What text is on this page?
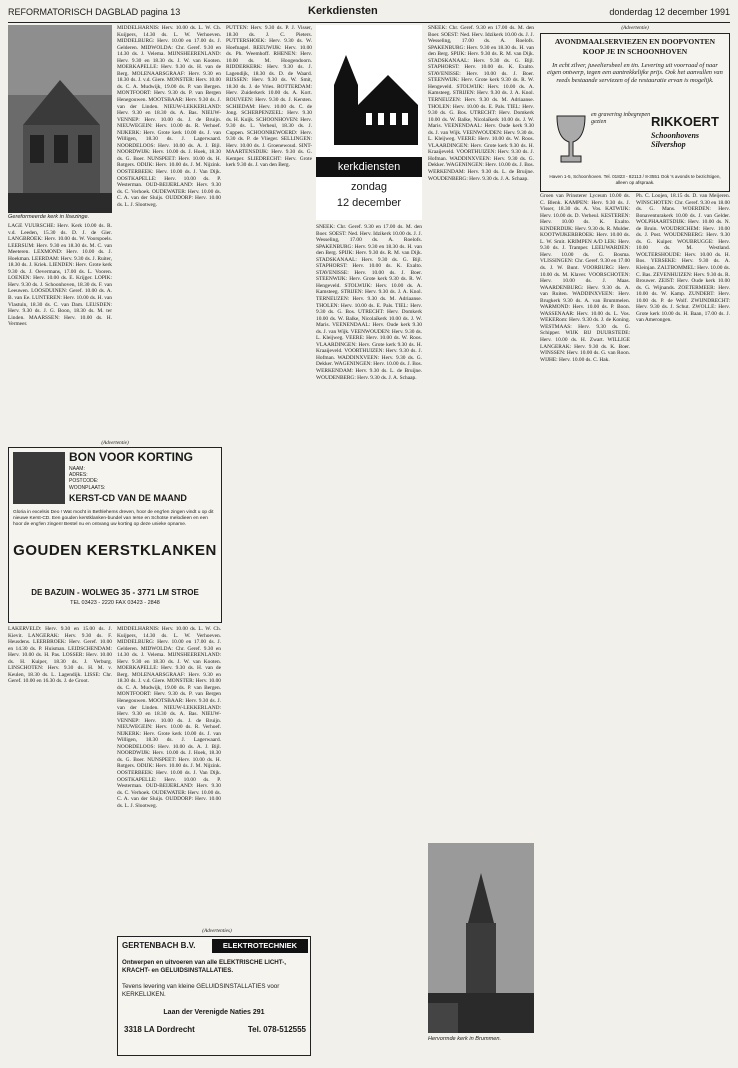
REFORMATORISCH DAGBLAD pagina 13	Kerkdiensten	donderdag 12 december 1991
Gereformeerde kerk in Ilsezinge.
LAGE VUURSCHE: Herv. Kerk 10.00 ds. R. v.d. Leeden, 15.30 ds. D. J. de Gier. LANGBROEK: Herv. 10.00 ds. W. Voorspoels. LEERSUM: Herv. 9.30 en 18.30 ds. M. C. van Meeteren. LEXMOND: Herv. 10.00 ds. J. Hoekman. LEERDAM: Herv. 9.30 ds. J. Ruiter, 18.30 ds. J. Kriek. LIENDEN: Herv. Grote kerk 9.30 ds. J. Oevermans, 17.00 ds. L. Vooren. LOENEN: Herv. 10.00 ds. E. Krijger. LOPIK: Herv. 9.30 ds. J. Schoonhoven, 18.30 ds. F. van Leeuwen. LOOSDUINEN: Geref. 10.00 ds. A. B. van Ee. LUNTEREN: Herv. 10.00 ds. H. van Vlastuin, 18.30 ds. C. van Dam. LEUSDEN: Herv. 9.30 ds. J. G. Boon, 18.30 ds. M. ter Linden. MAARSSEN: Herv. 10.00 ds. H. Vermeer.
MIDDELHARNIS: Herv. 10.00 ds. L. W. Ch. Kuijpers, 14.30 ds. L. W. Verhoeven. MIDDELBURG: Herv. 10.00 en 17.00 ds. J. Gelderen. MIDWOLDA: Chr. Geref. 9.30 en 14.30 ds. J. Velema. MIJNSHEERENLAND: Herv. 9.30 en 18.30 ds. J. W. van Kooten. MOERKAPELLE: Herv. 9.30 ds. H. van de Berg. MOLENAARSGRAAF: Herv. 9.30 en 18.30 ds. J. v.d. Giere. MONSTER: Herv. 10.00 ds. C. A. Mudwijk, 19.00 ds. P. van Bergen. MONTFOORT: Herv. 9.30 ds. P. van Bergen Henegouwen. MOOTSBAAR: Herv. 9.30 ds. J. van der Linden. NIEUW-LEKKERLAND: Herv. 9.30 en 18.30 ds. A. Bas. NIEUW-VENNEP: Herv. 10.00 ds. J. de Bruijn. NIEUWEGEIN: Herv. 10.00 ds. R. Verhoef. NIJKERK: Herv. Grote kerk 10.00 ds. J. van Willigen, 18.30 ds. J. Lagerwaard. NOORDELOOS: Herv. 10.00 ds. A. J. Bijl. NOORDWIJK: Herv. 10.00 ds. J. Hoek, 18.30 ds. G. Boer. NUNSPEET: Herv. 10.00 ds. H. Rotgers. ODIJK: Herv. 10.00 ds. J. M. Nijzink. OOSTERBEEK: Herv. 10.00 ds. J. Van Dijk. OOSTKAPELLE: Herv. 10.00 ds. P. Westerman. OUD-BEIJERLAND: Herv. 9.30 ds. C. Verhoek. OUDEWATER: Herv. 10.00 ds. C. A. van der Sluijs. OUDDORP: Herv. 10.00 ds. L. J. Slootweg.
(Advertentie)
BON VOOR KORTING
NAAM:
ADRES:
POSTCODE:
WOONPLAATS:
KERST-CD VAN DE MAAND
Gloria in excelsis Deo ! Wat mocht in Bethlehems dreven, hoor de eng'len zingen vindt u op dit nieuwe Kerst-CD. Een gouden kerstklanken-bundel van Ierse en Schotse melodieen en een hoor de eng'len zingen! Bestel nu en ontvang uw korting op deze unieke opname.
GOUDEN KERSTKLANKEN
DE BAZUIN - WOLWEG 35 - 3771 LM STROE
TEL 03423 - 2220 FAX 03423 - 2848
LAKERVELD: Herv. 9.30 en 15.00 ds. J. Kievit. LANGERAK: Herv. 9.30 ds. F. Heusdens. LEERBROEK: Herv. Geref. 10.00 en 14.30 ds. P. Huisman. LEIDSCHENDAM: Herv. 10.00 ds. H. Pas. LOSSER: Herv. 10.00 ds. H. Kuiper, 18.30 ds. J. Verburg. LINSCHOTEN: Herv. 9.30 ds. H. M. v. Keulen, 18.30 ds. L. Lagendijk. LISSE: Chr. Geref. 10.00 en 16.30 ds. J. de Groot.
MIDDELHARNIS: Herv. 10.00 ds. L. W. Ch. Kuijpers, 14.30 ds. L. W. Verhoeven. MIDDELBURG: Herv. 10.00 en 17.00 ds. J. Gelderen. MIDWOLDA: Chr. Geref. 9.30 en 14.30 ds. J. Velema. MIJNSHEERENLAND: Herv. 9.30 en 18.30 ds. J. W. van Kooten. MOERKAPELLE: Herv. 9.30 ds. H. van de Berg. MOLENAARSGRAAF: Herv. 9.30 en 18.30 ds. J. v.d. Giere. MONSTER: Herv. 10.00 ds. C. A. Mudwijk, 19.00 ds. P. van Bergen. MONTFOORT: Herv. 9.30 ds. P. van Bergen Henegouwen. MOOTSBAAR: Herv. 9.30 ds. J. van der Linden. NIEUW-LEKKERLAND: Herv. 9.30 en 18.30 ds. A. Bas. NIEUW-VENNEP: Herv. 10.00 ds. J. de Bruijn. NIEUWEGEIN: Herv. 10.00 ds. R. Verhoef. NIJKERK: Herv. Grote kerk 10.00 ds. J. van Willigen, 18.30 ds. J. Lagerwaard. NOORDELOOS: Herv. 10.00 ds. A. J. Bijl. NOORDWIJK: Herv. 10.00 ds. J. Hoek, 18.30 ds. G. Boer. NUNSPEET: Herv. 10.00 ds. H. Rotgers. ODIJK: Herv. 10.00 ds. J. M. Nijzink. OOSTERBEEK: Herv. 10.00 ds. J. Van Dijk. OOSTKAPELLE: Herv. 10.00 ds. P. Westerman. OUD-BEIJERLAND: Herv. 9.30 ds. C. Verhoek. OUDEWATER: Herv. 10.00 ds. C. A. van der Sluijs. OUDDORP: Herv. 10.00 ds. L. J. Slootweg.
PUTTEN: Herv. 9.30 ds. P. J. Visser, 18.30 ds. J. C. Pieters. PUTTERSHOEK: Herv. 9.30 ds. W. Hoefnagel. REEUWIJK: Herv. 10.00 ds. Ph. Weemhoff. RHENEN: Herv. 10.00 ds. M. Hoogendoorn. RIDDERKERK: Herv. 9.30 ds. J. Lagendijk, 18.30 ds. D. de Waard. RIJSSEN: Herv. 9.30 ds. W. Smit, 18.30 ds. J. de Vries. ROTTERDAM: Herv. Zuiderkerk 10.00 ds. A. Kort. ROUVEEN: Herv. 9.30 ds. J. Kersten. SCHIEDAM: Herv. 10.00 ds. C. de Jong. SCHERPENZEEL: Herv. 9.30 ds. H. Kuijk. SCHOONHOVEN: Herv. 9.30 ds. L. Verheul, 18.30 ds. J. Cuppen. SCHOONREWOERD: Herv. 9.30 ds. P. de Vlieger. SELLINGEN: Herv. 10.00 ds. J. Groenewoud. SINT-MAARTENSDIJK: Herv. 9.30 ds. G. Kemper. SLIEDRECHT: Herv. Grote kerk 9.30 ds. J. van den Berg.	kerkdiensten
zondag
12 december
SNEEK: Chr. Geref. 9.30 en 17.00 ds. M. den Boer. SOEST: Ned. Herv. Idzikerk 10.00 ds. J. J. Wesseling, 17.00 ds. A. Roelofs. SPAKENBURG: Herv. 9.30 en 18.30 ds. H. van den Berg. SPIJK: Herv. 9.30 ds. R. M. van Dijk. STADSKANAAL: Herv. 9.30 ds. G. Bijl. STAPHORST: Herv. 10.00 ds. K. Exalto. STAVENISSE: Herv. 10.00 ds. J. Boer. STEENWIJK: Herv. Grote kerk 9.30 ds. R. W. Hengeveld. STOLWIJK: Herv. 10.00 ds. A. Kamsteeg. STRIJEN: Herv. 9.30 ds. J. A. Knol. TERNEUZEN: Herv. 9.30 ds. M. Adriaanse. THOLEN: Herv. 10.00 ds. E. Pals. TIEL: Herv. 9.30 ds. G. Bos. UTRECHT: Herv. Domkerk 10.00 ds. W. Balke, Nicolaïkerk 10.00 ds. J. W. Maris. VEENENDAAL: Herv. Oude kerk 9.30 ds. J. van Wijk. VEENWOUDEN: Herv. 9.30 ds. L. Kleijweg. VEERE: Herv. 10.00 ds. W. Roos. VLAARDINGEN: Herv. Grote kerk 9.30 ds. H. Kraaijeveld. VOORTHUIZEN: Herv. 9.30 ds. J. Hofman. WADDINXVEEN: Herv. 9.30 ds. G. Dekker. WAGENINGEN: Herv. 10.00 ds. J. Bos. WERKENDAM: Herv. 9.30 ds. L. de Bruijne. WOUDENBERG: Herv. 9.30 ds. J. A. Schaap.
SNEEK: Chr. Geref. 9.30 en 17.00 ds. M. den Boer. SOEST: Ned. Herv. Idzikerk 10.00 ds. J. J. Wesseling, 17.00 ds. A. Roelofs. SPAKENBURG: Herv. 9.30 en 18.30 ds. H. van den Berg. SPIJK: Herv. 9.30 ds. R. M. van Dijk. STADSKANAAL: Herv. 9.30 ds. G. Bijl. STAPHORST: Herv. 10.00 ds. K. Exalto. STAVENISSE: Herv. 10.00 ds. J. Boer. STEENWIJK: Herv. Grote kerk 9.30 ds. R. W. Hengeveld. STOLWIJK: Herv. 10.00 ds. A. Kamsteeg. STRIJEN: Herv. 9.30 ds. J. A. Knol. TERNEUZEN: Herv. 9.30 ds. M. Adriaanse. THOLEN: Herv. 10.00 ds. E. Pals. TIEL: Herv. 9.30 ds. G. Bos. UTRECHT: Herv. Domkerk 10.00 ds. W. Balke, Nicolaïkerk 10.00 ds. J. W. Maris. VEENENDAAL: Herv. Oude kerk 9.30 ds. J. van Wijk. VEENWOUDEN: Herv. 9.30 ds. L. Kleijweg. VEERE: Herv. 10.00 ds. W. Roos. VLAARDINGEN: Herv. Grote kerk 9.30 ds. H. Kraaijeveld. VOORTHUIZEN: Herv. 9.30 ds. J. Hofman. WADDINXVEEN: Herv. 9.30 ds. G. Dekker. WAGENINGEN: Herv. 10.00 ds. J. Bos. WERKENDAM: Herv. 9.30 ds. L. de Bruijne. WOUDENBERG: Herv. 9.30 ds. J. A. Schaap.
(Advertentie)
AVONDMAALSERVIEZEN EN DOOPVONTEN
KOOP JE IN SCHOONHOVEN
In echt zilver, juweliersbeel en tin. Levering uit voorraad of naar eigen ontwerp, tegen een aantrekkelijke prijs. Ook het aanvullen van reeds bestaande serviezen of de restauratie ervan is mogelijk.
en gravering inbegrepen gezien	RIKKOERT
Schoonhovens Silvershop
Haven 1-5, Schoonhoven. Tel. 01823 - 82113 / 8-3551 Ook 's avonds te bezichtigen, alleen op afspraak.
Groen van Prinsterer Lyceum 10.00 ds. C. Blenk. KAMPEN: Herv. 9.30 ds. J. Visser, 18.30 ds. A. Vos. KATWIJK: Herv. 10.00 ds. D. Verheul. KESTEREN: Herv. 10.00 ds. K. Exalto. KINDERDIJK: Herv. 9.30 ds. R. Mulder. KOOTWIJKERBROEK: Herv. 10.00 ds. L. W. Smit. KRIMPEN A/D LEK: Herv. 9.30 ds. J. Tramper. LEEUWARDEN: Herv. 10.00 ds. G. Bosma. VLISSINGEN: Chr. Geref. 9.30 en 17.00 ds. J. W. Bunt. VOORBURG: Herv. 10.00 ds. M. Klaver. VOORSCHOTEN: Herv. 10.00 ds. J. Maas. WAARDENBURG: Herv. 9.30 ds. A. van Ruiten. WADDINXVEEN: Herv. Brugkerk 9.30 ds. A. van Brummelen. WARMOND: Herv. 10.00 ds. P. Boon. WASSENAAR: Herv. 10.00 ds. L. Vos. WEKERom: Herv. 9.30 ds. J. de Koning. WESTMAAS: Herv. 9.30 ds. G. Schipper. WIJK BIJ DUURSTEDE: Herv. 10.00 ds. H. Zwart. WILLIGE LANGERAK: Herv. 9.30 ds. K. Boer. WINSSEN: Herv. 10.00 ds. G. van Roon. WIJHE: Herv. 10.00 ds. C. Hak.
Ph. C. Loojen, 18.15 ds. D. van Meijeren. WINSCHOTEN: Chr. Geref. 9.30 en 18.00 ds. G. Mans. WOERDEN: Herv. Bonaventurakerk 10.00 ds. J. van Gelder. WOLPHAARTSDIJK: Herv. 10.00 ds. N. de Bruin. WOUDRICHEM: Herv. 10.00 ds. J. Post. WOUDENBERG: Herv. 9.30 ds. G. Kuiper. WOUBRUGGE: Herv. 10.00 ds. M. Westland. WOLTERSHOUDE: Herv. 10.00 ds. H. Bos. YERSEKE: Herv. 9.30 ds. A. Kleinjan. ZALTBOMMEL: Herv. 10.00 ds. C. Bas. ZEVENHUIZEN: Herv. 9.30 ds. R. Brouwer. ZEIST: Herv. Oude kerk 10.00 ds. G. Wijnands. ZOETERMEER: Herv. 10.00 ds. W. Kamp. ZUNDERT: Herv. 10.00 ds. P. de Wolf. ZWIJNDRECHT: Herv. 9.30 ds. J. Schut. ZWOLLE: Herv. Grote kerk 10.00 ds. H. Baan, 17.00 ds. J. van Amerongen.
(Advertenties)
GERTENBACH B.V.	ELEKTROTECHNIEK
Ontwerpen en uitvoeren van alle ELEKTRISCHE LICHT-, KRACHT- en GELUIDSINSTALLATIES.
Tevens levering van kleine GELUIDSINSTALLATIES voor KERKELIJKEN.
Laan der Verenigde Naties 291
3318 LA Dordrecht	Tel. 078-512555
Hervormde kerk in Brummen.
